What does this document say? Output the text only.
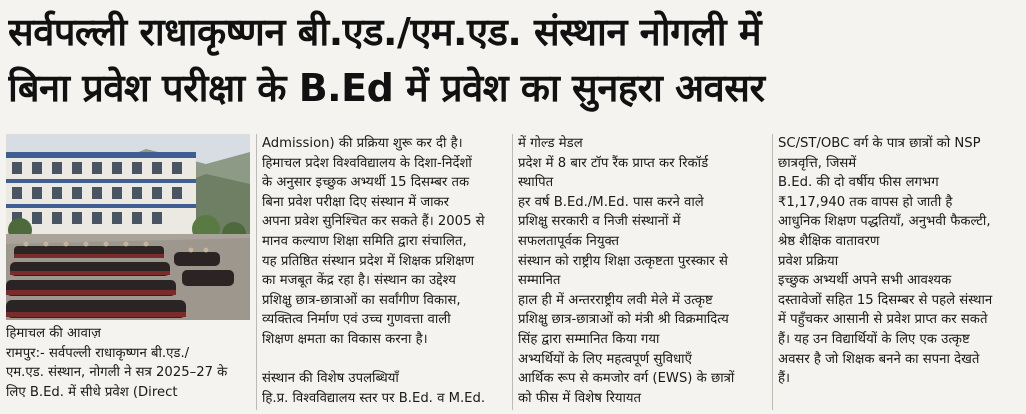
सर्वपल्ली राधाकृष्णन बी.एड./एम.एड. संस्थान नोगली में
बिना प्रवेश परीक्षा के B.Ed में प्रवेश का सुनहरा अवसर

हिमाचल की आवाज़

रामपुर:- सर्वपल्ली राधाकृष्णन बी.एड./

एम.एड. संस्थान, नोगली ने सत्र 2025–27 के

लिए B.Ed. में सीधे प्रवेश (Direct

Admission) की प्रक्रिया शुरू कर दी है।

हिमाचल प्रदेश विश्वविद्यालय के दिशा-निर्देशों

के अनुसार इच्छुक अभ्यर्थी 15 दिसम्बर तक

बिना प्रवेश परीक्षा दिए संस्थान में जाकर

अपना प्रवेश सुनिश्चित कर सकते हैं। 2005 से

मानव कल्याण शिक्षा समिति द्वारा संचालित,

यह प्रतिष्ठित संस्थान प्रदेश में शिक्षक प्रशिक्षण

का मजबूत केंद्र रहा है। संस्थान का उद्देश्य

प्रशिक्षु छात्र-छात्राओं का सर्वांगीण विकास,

व्यक्तित्व निर्माण एवं उच्च गुणवत्ता वाली

शिक्षण क्षमता का विकास करना है।

संस्थान की विशेष उपलब्धियाँ

हि.प्र. विश्वविद्यालय स्तर पर B.Ed. व M.Ed.

में गोल्ड मेडल

प्रदेश में 8 बार टॉप रैंक प्राप्त कर रिकॉर्ड

स्थापित

हर वर्ष B.Ed./M.Ed. पास करने वाले

प्रशिक्षु सरकारी व निजी संस्थानों में

सफलतापूर्वक नियुक्त

संस्थान को राष्ट्रीय शिक्षा उत्कृष्टता पुरस्कार से

सम्मानित

हाल ही में अन्तरराष्ट्रीय लवी मेले में उत्कृष्ट

प्रशिक्षु छात्र-छात्राओं को मंत्री श्री विक्रमादित्य

सिंह द्वारा सम्मानित किया गया

अभ्यर्थियों के लिए महत्वपूर्ण सुविधाएँ

आर्थिक रूप से कमजोर वर्ग (EWS) के छात्रों

को फीस में विशेष रियायत

SC/ST/OBC वर्ग के पात्र छात्रों को NSP

छात्रवृत्ति, जिसमें

B.Ed. की दो वर्षीय फीस लगभग

₹1,17,940 तक वापस हो जाती है

आधुनिक शिक्षण पद्धतियाँ, अनुभवी फैकल्टी,

श्रेष्ठ शैक्षिक वातावरण

प्रवेश प्रक्रिया

इच्छुक अभ्यर्थी अपने सभी आवश्यक

दस्तावेजों सहित 15 दिसम्बर से पहले संस्थान

में पहुँचकर आसानी से प्रवेश प्राप्त कर सकते

हैं। यह उन विद्यार्थियों के लिए एक उत्कृष्ट

अवसर है जो शिक्षक बनने का सपना देखते

हैं।
